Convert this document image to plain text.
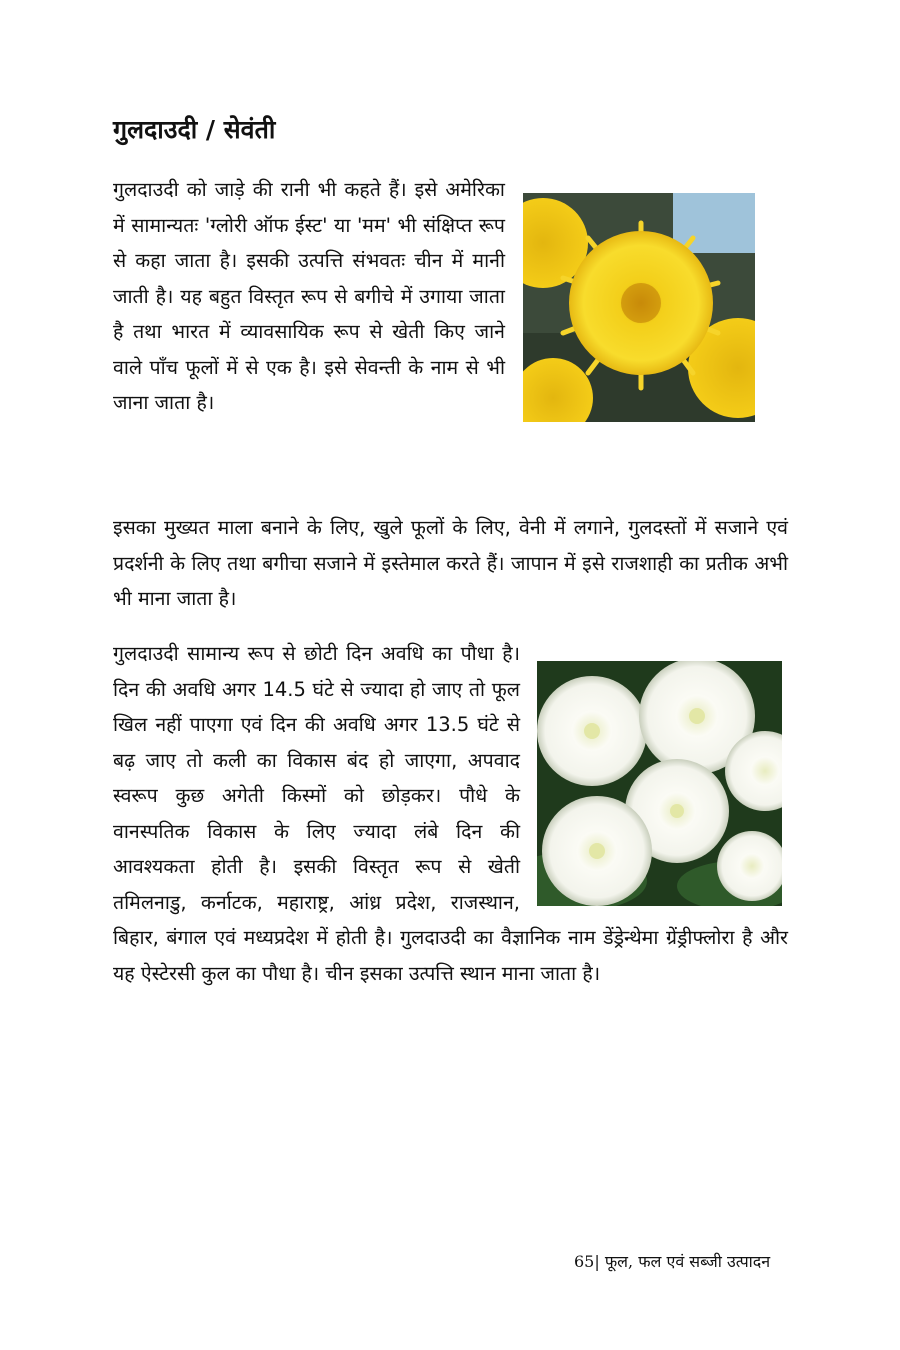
गुलदाउदी / सेवंती

गुलदाउदी को जाड़े की रानी भी कहते हैं। इसे अमेरिका में सामान्यतः 'ग्लोरी ऑफ ईस्ट' या 'मम' भी संक्षिप्त रूप से कहा जाता है। इसकी उत्पत्ति संभवतः चीन में मानी जाती है। यह बहुत विस्तृत रूप से बगीचे में उगाया जाता है तथा भारत में व्यावसायिक रूप से खेती किए जाने वाले पाँच फूलों में से एक है। इसे सेवन्ती के नाम से भी जाना जाता है।

इसका मुख्यत माला बनाने के लिए, खुले फूलों के लिए, वेनी में लगाने, गुलदस्तों में सजाने एवं प्रदर्शनी के लिए तथा बगीचा सजाने में इस्तेमाल करते हैं। जापान में इसे राजशाही का प्रतीक अभी भी माना जाता है।

गुलदाउदी सामान्य रूप से छोटी दिन अवधि का पौधा है। दिन की अवधि अगर 14.5 घंटे से ज्यादा हो जाए तो फूल खिल नहीं पाएगा एवं दिन की अवधि अगर 13.5 घंटे से बढ़ जाए तो कली का विकास बंद हो जाएगा, अपवाद स्वरूप कुछ अगेती किस्मों को छोड़कर। पौधे के वानस्पतिक विकास के लिए ज्यादा लंबे दिन की आवश्यकता होती है। इसकी विस्तृत रूप से खेती तमिलनाडु, कर्नाटक, महाराष्ट्र, आंध्र प्रदेश, राजस्थान, बिहार, बंगाल एवं मध्यप्रदेश में होती है। गुलदाउदी का वैज्ञानिक नाम डेंड्रेन्थेमा ग्रेंड्रीफ्लोरा है और यह ऐस्टेरसी कुल का पौधा है। चीन इसका उत्पत्ति स्थान माना जाता है।
65| फूल, फल एवं सब्जी उत्पादन
